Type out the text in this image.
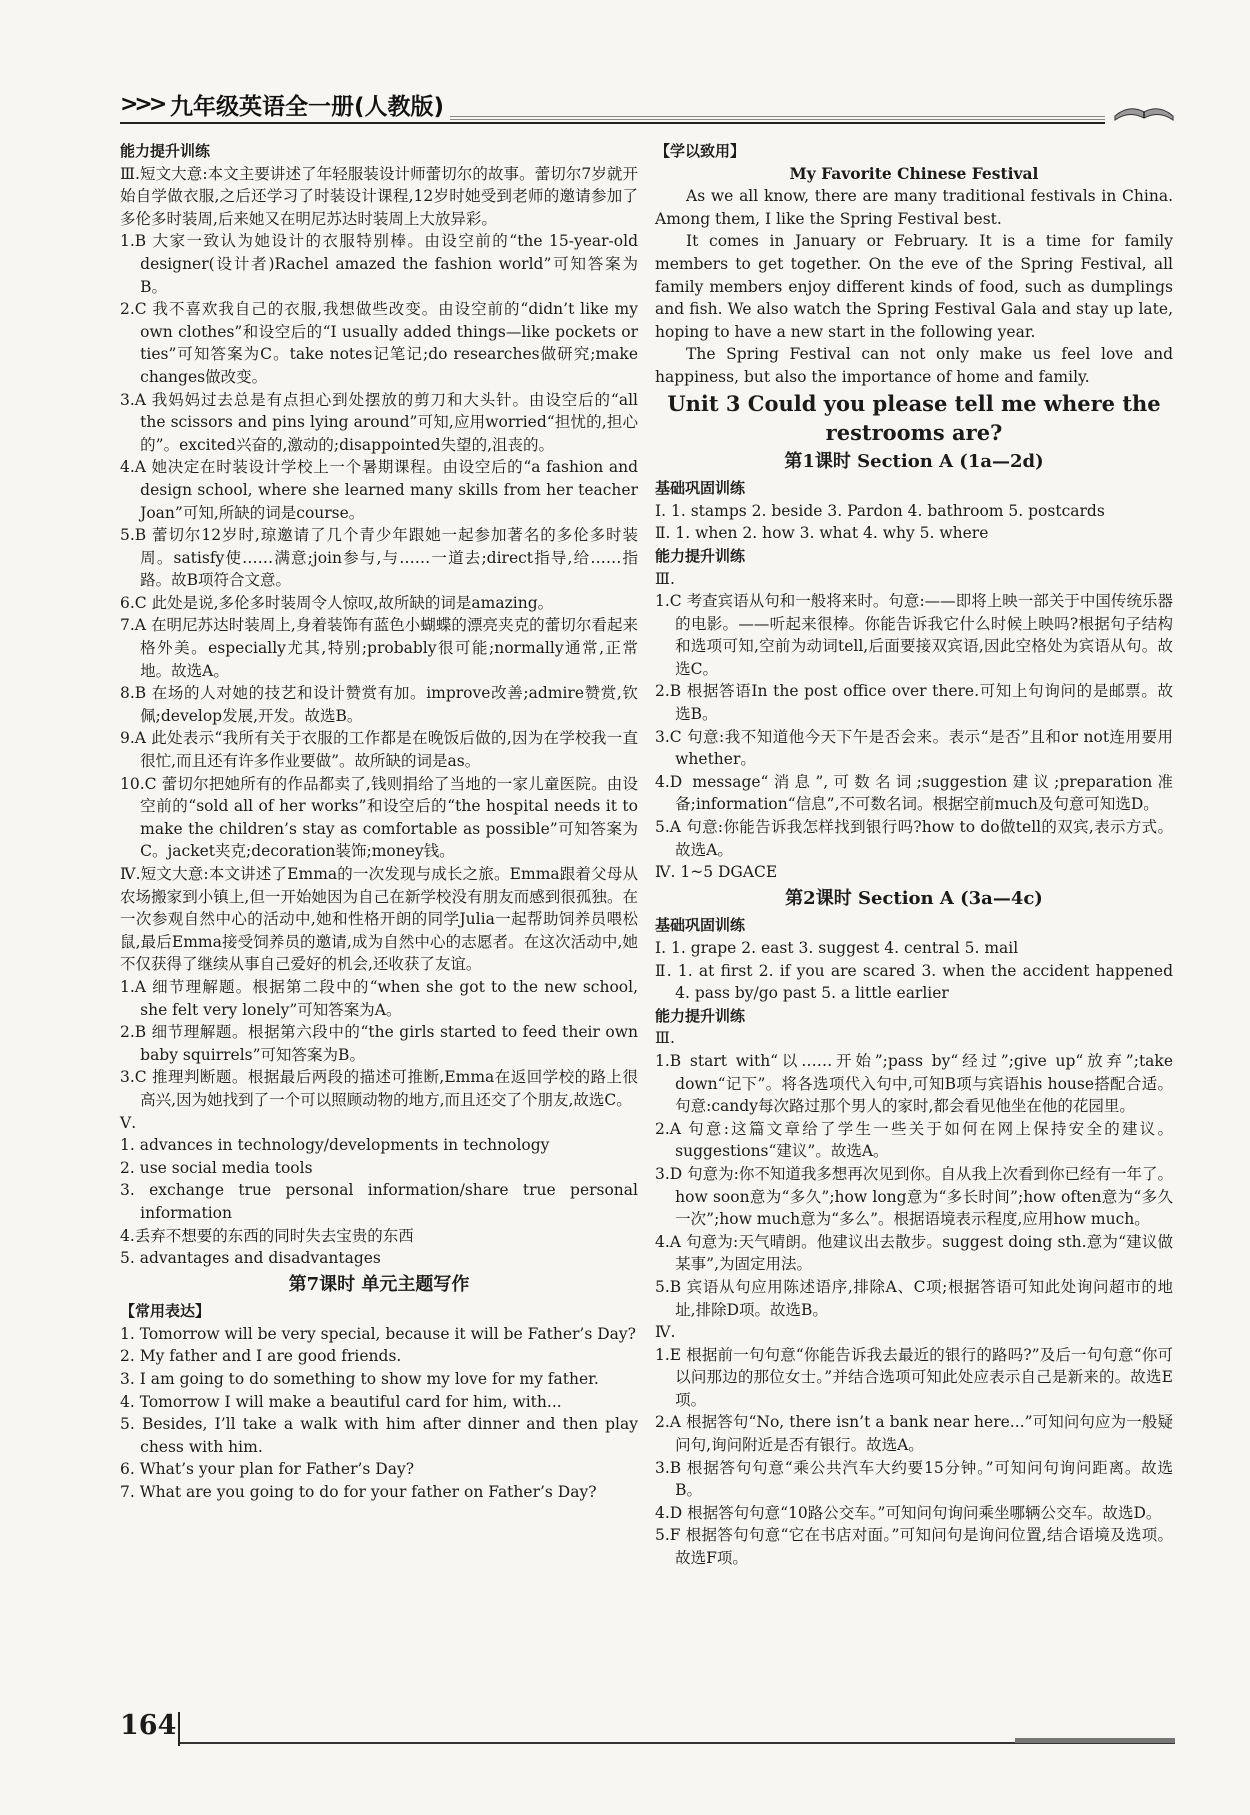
>>> 九年级英语全一册(人教版)

能力提升训练

Ⅲ.短文大意:本文主要讲述了年轻服装设计师蕾切尔的故事。蕾切尔7岁就开始自学做衣服,之后还学习了时装设计课程,12岁时她受到老师的邀请参加了多伦多时装周,后来她又在明尼苏达时装周上大放异彩。

1.B 大家一致认为她设计的衣服特别棒。由设空前的“the 15-year-old designer(设计者)Rachel amazed the fashion world”可知答案为B。

2.C 我不喜欢我自己的衣服,我想做些改变。由设空前的“didn’t like my own clothes”和设空后的“I usually added things—like pockets or ties”可知答案为C。take notes记笔记;do researches做研究;make changes做改变。

3.A 我妈妈过去总是有点担心到处摆放的剪刀和大头针。由设空后的“all the scissors and pins lying around”可知,应用worried“担忧的,担心的”。excited兴奋的,激动的;disappointed失望的,沮丧的。

4.A 她决定在时装设计学校上一个暑期课程。由设空后的“a fashion and design school, where she learned many skills from her teacher Joan”可知,所缺的词是course。

5.B 蕾切尔12岁时,琼邀请了几个青少年跟她一起参加著名的多伦多时装周。satisfy使……满意;join参与,与……一道去;direct指导,给……指路。故B项符合文意。

6.C 此处是说,多伦多时装周令人惊叹,故所缺的词是amazing。

7.A 在明尼苏达时装周上,身着装饰有蓝色小蝴蝶的漂亮夹克的蕾切尔看起来格外美。especially尤其,特别;probably很可能;normally通常,正常地。故选A。

8.B 在场的人对她的技艺和设计赞赏有加。improve改善;admire赞赏,钦佩;develop发展,开发。故选B。

9.A 此处表示“我所有关于衣服的工作都是在晚饭后做的,因为在学校我一直很忙,而且还有许多作业要做”。故所缺的词是as。

10.C 蕾切尔把她所有的作品都卖了,钱则捐给了当地的一家儿童医院。由设空前的“sold all of her works”和设空后的“the hospital needs it to make the children’s stay as comfortable as possible”可知答案为C。jacket夹克;decoration装饰;money钱。

Ⅳ.短文大意:本文讲述了Emma的一次发现与成长之旅。Emma跟着父母从农场搬家到小镇上,但一开始她因为自己在新学校没有朋友而感到很孤独。在一次参观自然中心的活动中,她和性格开朗的同学Julia一起帮助饲养员喂松鼠,最后Emma接受饲养员的邀请,成为自然中心的志愿者。在这次活动中,她不仅获得了继续从事自己爱好的机会,还收获了友谊。

1.A 细节理解题。根据第二段中的“when she got to the new school, she felt very lonely”可知答案为A。

2.B 细节理解题。根据第六段中的“the girls started to feed their own baby squirrels”可知答案为B。

3.C 推理判断题。根据最后两段的描述可推断,Emma在返回学校的路上很高兴,因为她找到了一个可以照顾动物的地方,而且还交了个朋友,故选C。

Ⅴ.

1. advances in technology/developments in technology

2. use social media tools

3. exchange true personal information/share true personal information

4.丢弃不想要的东西的同时失去宝贵的东西

5. advantages and disadvantages

第7课时 单元主题写作

【常用表达】

1. Tomorrow will be very special, because it will be Father’s Day?

2. My father and I are good friends.

3. I am going to do something to show my love for my father.

4. Tomorrow I will make a beautiful card for him, with...

5. Besides, I’ll take a walk with him after dinner and then play chess with him.

6. What’s your plan for Father’s Day?

7. What are you going to do for your father on Father’s Day?

【学以致用】

My Favorite Chinese Festival

As we all know, there are many traditional festivals in China. Among them, I like the Spring Festival best.

It comes in January or February. It is a time for family members to get together. On the eve of the Spring Festival, all family members enjoy different kinds of food, such as dumplings and fish. We also watch the Spring Festival Gala and stay up late, hoping to have a new start in the following year.

The Spring Festival can not only make us feel love and happiness, but also the importance of home and family.

Unit 3 Could you please tell me where the restrooms are?

第1课时 Section A (1a—2d)

基础巩固训练

Ⅰ. 1. stamps 2. beside 3. Pardon 4. bathroom 5. postcards

Ⅱ. 1. when 2. how 3. what 4. why 5. where

能力提升训练

Ⅲ.

1.C 考查宾语从句和一般将来时。句意:——即将上映一部关于中国传统乐器的电影。——听起来很棒。你能告诉我它什么时候上映吗?根据句子结构和选项可知,空前为动词tell,后面要接双宾语,因此空格处为宾语从句。故选C。

2.B 根据答语In the post office over there.可知上句询问的是邮票。故选B。

3.C 句意:我不知道他今天下午是否会来。表示“是否”且和or not连用要用whether。

4.D message“消息”,可数名词;suggestion建议;preparation准备;information“信息”,不可数名词。根据空前much及句意可知选D。

5.A 句意:你能告诉我怎样找到银行吗?how to do做tell的双宾,表示方式。故选A。

Ⅳ. 1~5 DGACE

第2课时 Section A (3a—4c)

基础巩固训练

Ⅰ. 1. grape 2. east 3. suggest 4. central 5. mail

Ⅱ. 1. at first 2. if you are scared 3. when the accident happened 4. pass by/go past 5. a little earlier

能力提升训练

Ⅲ.

1.B start with“以……开始”;pass by“经过”;give up“放弃”;take down“记下”。将各选项代入句中,可知B项与宾语his house搭配合适。句意:candy每次路过那个男人的家时,都会看见他坐在他的花园里。

2.A 句意:这篇文章给了学生一些关于如何在网上保持安全的建议。suggestions“建议”。故选A。

3.D 句意为:你不知道我多想再次见到你。自从我上次看到你已经有一年了。how soon意为“多久”;how long意为“多长时间”;how often意为“多久一次”;how much意为“多么”。根据语境表示程度,应用how much。

4.A 句意为:天气晴朗。他建议出去散步。suggest doing sth.意为“建议做某事”,为固定用法。

5.B 宾语从句应用陈述语序,排除A、C项;根据答语可知此处询问超市的地址,排除D项。故选B。

Ⅳ.

1.E 根据前一句句意“你能告诉我去最近的银行的路吗?”及后一句句意“你可以问那边的那位女士。”并结合选项可知此处应表示自己是新来的。故选E项。

2.A 根据答句“No, there isn’t a bank near here...”可知问句应为一般疑问句,询问附近是否有银行。故选A。

3.B 根据答句句意“乘公共汽车大约要15分钟。”可知问句询问距离。故选B。

4.D 根据答句句意“10路公交车。”可知问句询问乘坐哪辆公交车。故选D。

5.F 根据答句句意“它在书店对面。”可知问句是询问位置,结合语境及选项。故选F项。

164
